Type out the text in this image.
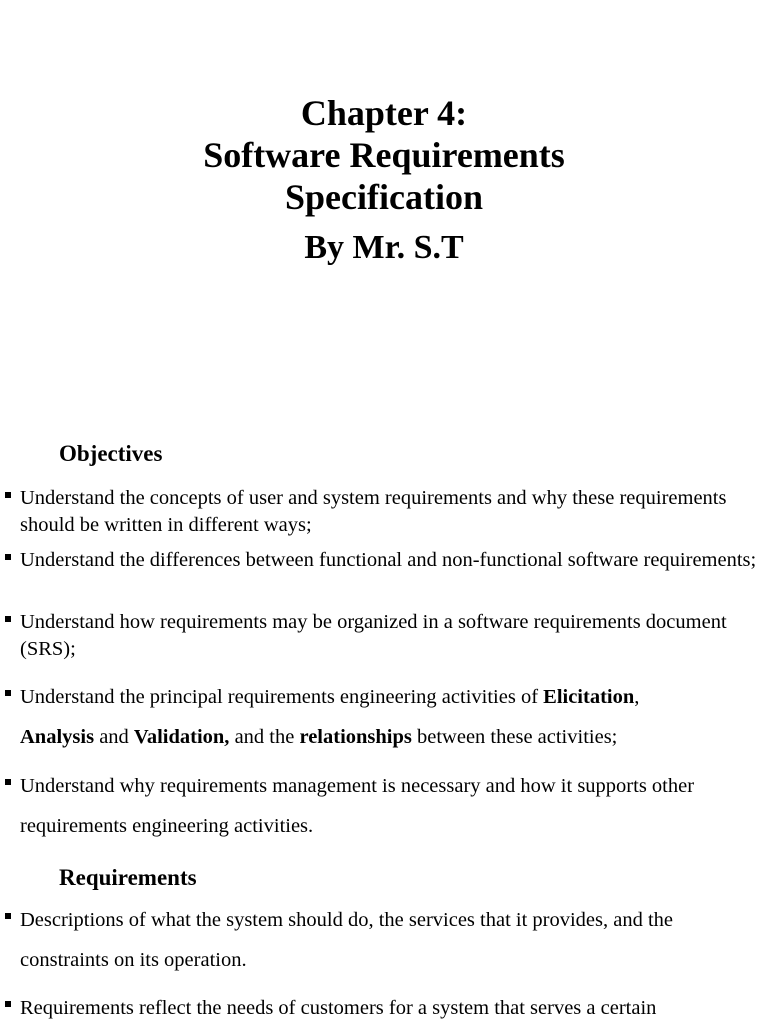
Chapter 4:
Software Requirements
Specification
By Mr. S.T
Objectives
Understand the concepts of user and system requirements and why these requirements should be written in different ways;
Understand the differences between functional and non-functional software requirements;
Understand how requirements may be organized in a software requirements document (SRS);
Understand the principal requirements engineering activities of Elicitation,
Analysis and Validation, and the relationships between these activities;
Understand why requirements management is necessary and how it supports other requirements engineering activities.
Requirements
Descriptions of what the system should do, the services that it provides, and the constraints on its operation.
Requirements reflect the needs of customers for a system that serves a certain
